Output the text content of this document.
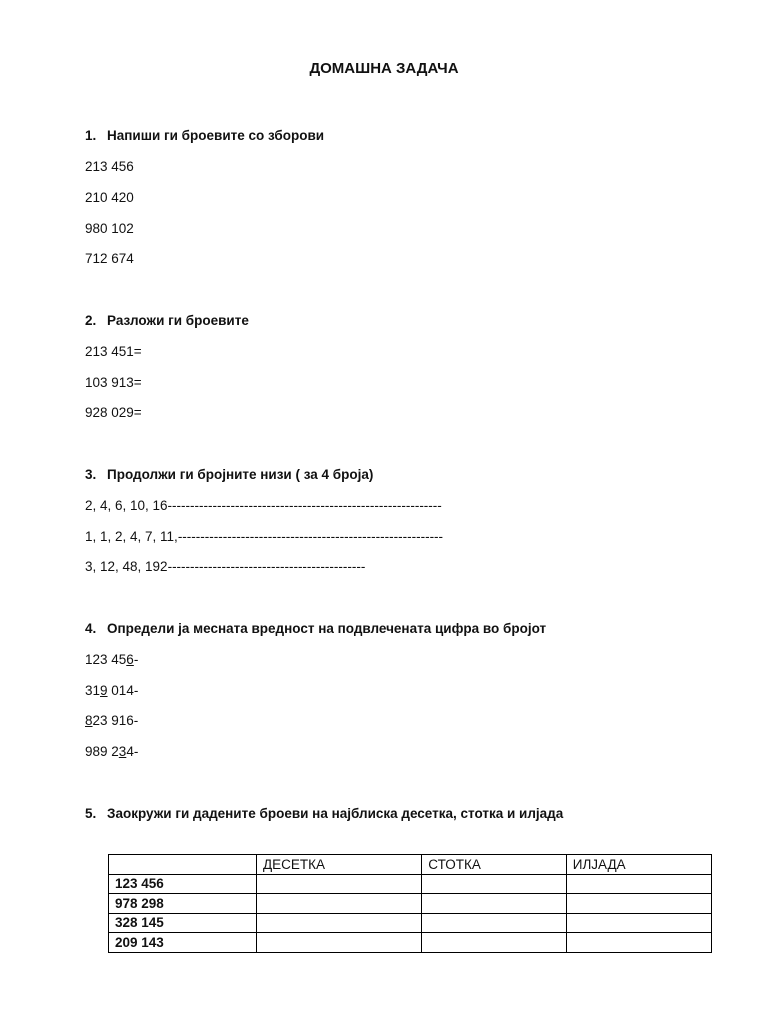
ДОМАШНА ЗАДАЧА
1. Напиши ги броевите со зборови
213 456
210 420
980 102
712 674
2. Разложи ги броевите
213 451=
103 913=
928 029=
3. Продолжи ги бројните низи ( за 4 броја)
2, 4, 6, 10, 16-------------------------------------------------------------
1, 1, 2, 4, 7, 11,-----------------------------------------------------------
3, 12, 48, 192--------------------------------------------
4. Определи ја месната вредност на подвлечената цифра во бројот
123 456-
319 014-
823 916-
989 234-
5. Заокружи ги дадените броеви на најблиска десетка, стотка и илјада
	ДЕСЕТКА	СТОТКА	ИЛЈАДА
123 456			
978 298			
328 145			
209 143			
